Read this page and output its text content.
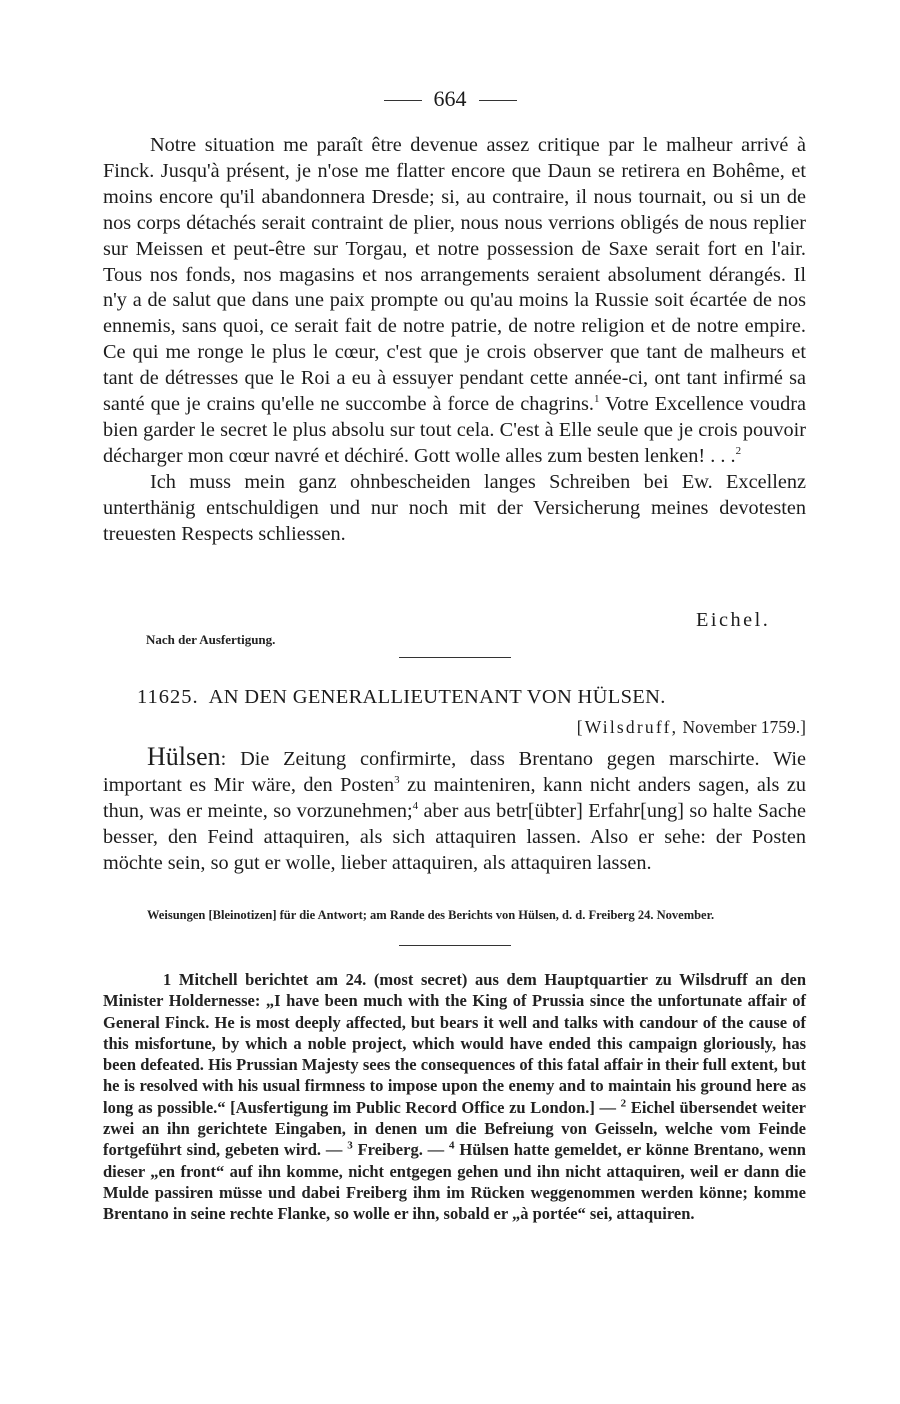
664

Notre situation me paraît être devenue assez critique par le malheur arrivé à Finck. Jusqu'à présent, je n'ose me flatter encore que Daun se retirera en Bohême, et moins encore qu'il abandonnera Dresde; si, au contraire, il nous tournait, ou si un de nos corps détachés serait contraint de plier, nous nous verrions obligés de nous replier sur Meissen et peut-être sur Torgau, et notre possession de Saxe serait fort en l'air. Tous nos fonds, nos magasins et nos arrangements seraient absolument dérangés. Il n'y a de salut que dans une paix prompte ou qu'au moins la Russie soit écartée de nos ennemis, sans quoi, ce serait fait de notre patrie, de notre religion et de notre empire. Ce qui me ronge le plus le cœur, c'est que je crois observer que tant de malheurs et tant de détresses que le Roi a eu à essuyer pendant cette année-ci, ont tant infirmé sa santé que je crains qu'elle ne succombe à force de chagrins.$^1$ Votre Excellence voudra bien garder le secret le plus absolu sur tout cela. C'est à Elle seule que je crois pouvoir décharger mon cœur navré et déchiré. Gott wolle alles zum besten lenken! . . .$^2$

Ich muss mein ganz ohnbescheiden langes Schreiben bei Ew. Excellenz unterthänig entschuldigen und nur noch mit der Versicherung meines devotesten treuesten Respects schliessen.

Eichel.
Nach der Ausfertigung.
11625. AN DEN GENERALLIEUTENANT VON HÜLSEN.
[Wilsdruff, November 1759.]

Hülsen: Die Zeitung confirmirte, dass Brentano gegen marschirte. Wie important es Mir wäre, den Posten$^3$ zu mainteniren, kann nicht anders sagen, als zu thun, was er meinte, so vorzunehmen;$^4$ aber aus betr[übter] Erfahr[ung] so halte Sache besser, den Feind attaquiren, als sich attaquiren lassen. Also er sehe: der Posten möchte sein, so gut er wolle, lieber attaquiren, als attaquiren lassen.

Weisungen [Bleinotizen] für die Antwort; am Rande des Berichts von Hülsen, d. d. Freiberg 24. November.

1 Mitchell berichtet am 24. (most secret) aus dem Hauptquartier zu Wilsdruff an den Minister Holdernesse: „I have been much with the King of Prussia since the unfortunate affair of General Finck. He is most deeply affected, but bears it well and talks with candour of the cause of this misfortune, by which a noble project, which would have ended this campaign gloriously, has been defeated. His Prussian Majesty sees the consequences of this fatal affair in their full extent, but he is resolved with his usual firmness to impose upon the enemy and to maintain his ground here as long as possible.“ [Ausfertigung im Public Record Office zu London.] — $^2$ Eichel übersendet weiter zwei an ihn gerichtete Eingaben, in denen um die Befreiung von Geisseln, welche vom Feinde fortgeführt sind, gebeten wird. — $^3$ Freiberg. — $^4$ Hülsen hatte gemeldet, er könne Brentano, wenn dieser „en front“ auf ihn komme, nicht entgegen gehen und ihn nicht attaquiren, weil er dann die Mulde passiren müsse und dabei Freiberg ihm im Rücken weggenommen werden könne; komme Brentano in seine rechte Flanke, so wolle er ihn, sobald er „à portée“ sei, attaquiren.
